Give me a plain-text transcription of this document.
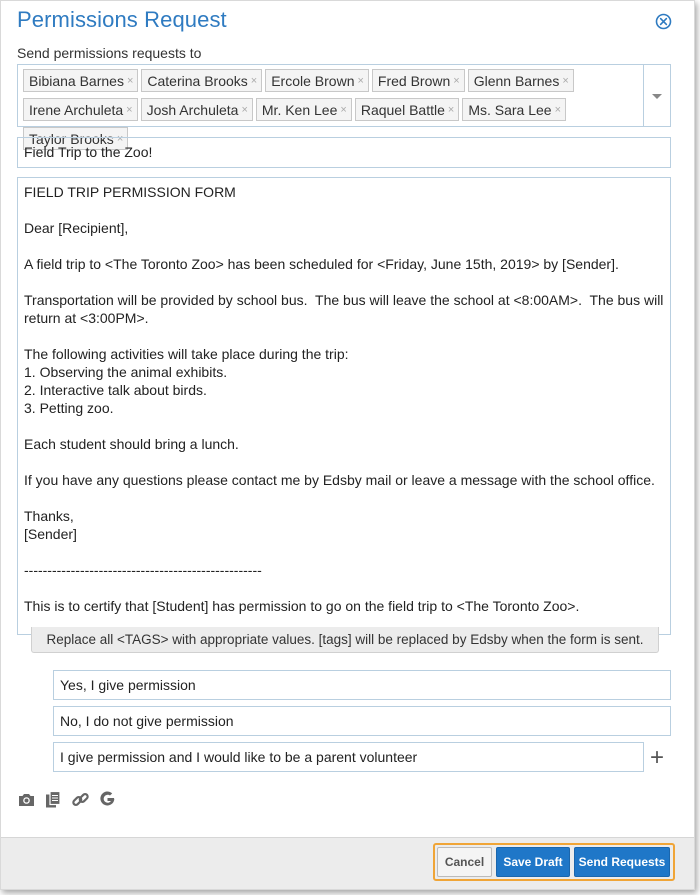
Permissions Request
Send permissions requests to
Bibiana Barnes × Caterina Brooks × Ercole Brown × Fred Brown × Glenn Barnes ×

Irene Archuleta × Josh Archuleta × Mr. Ken Lee × Raquel Battle × Ms. Sara Lee ×
Taylor Brooks ×
Field Trip to the Zoo!
FIELD TRIP PERMISSION FORM

Dear [Recipient],

A field trip to <The Toronto Zoo> has been scheduled for <Friday, June 15th, 2019> by [Sender].

Transportation will be provided by school bus.  The bus will leave the school at <8:00AM>.  The bus will return at <3:00PM>.

The following activities will take place during the trip:
1. Observing the animal exhibits.
2. Interactive talk about birds.
3. Petting zoo.

Each student should bring a lunch.

If you have any questions please contact me by Edsby mail or leave a message with the school office.

Thanks,
[Sender]

---------------------------------------------------

This is to certify that [Student] has permission to go on the field trip to <The Toronto Zoo>.
Replace all <TAGS> with appropriate values. [tags] will be replaced by Edsby when the form is sent.
Yes, I give permission
No, I do not give permission
I give permission and I would like to be a parent volunteer	+
Cancel	Save Draft	Send Requests
